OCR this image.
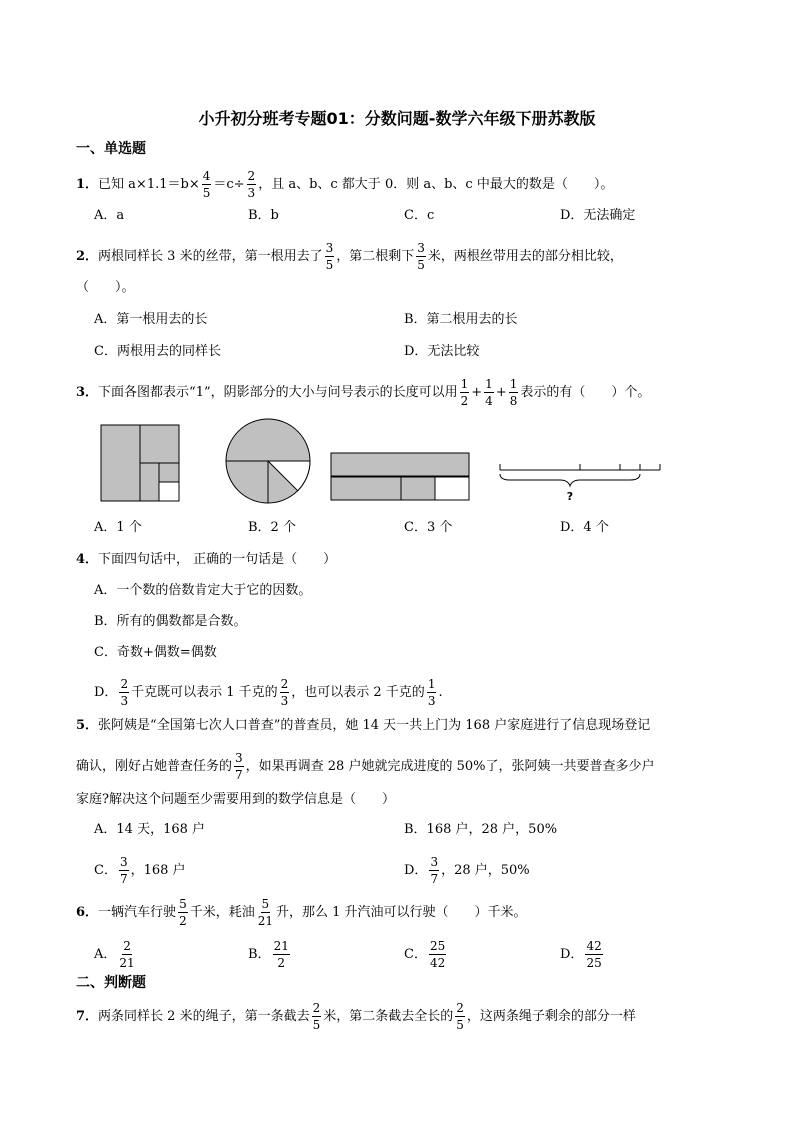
小升初分班考专题01：分数问题-数学六年级下册苏教版
一、单选题
1．已知 $a\times 1.1=b\times \frac{4}{5} =c\div \frac{2}{3}$ ，且 a、b、c 都大于 0．则 a、b、c 中最大的数是（　　）。
A．a	B．b	C．c	D．无法确定
2．两根同样长 3 米的丝带，第一根用去了 $\frac{3}{5}$ ，第二根剩下 $\frac{3}{5}$ 米，两根丝带用去的部分相比较，
（　　）。
A．第一根用去的长	B．第二根用去的长
C．两根用去的同样长	D．无法比较
3．下面各图都表示“1”，阴影部分的大小与问号表示的长度可以用 $\frac{1}{2} + \frac{1}{4} + \frac{1}{8}$ 表示的有（　　）个。
?
A．1 个	B．2 个	C．3 个	D．4 个
4．下面四句话中， 正确的一句话是（　　）
A．一个数的倍数肯定大于它的因数。
B．所有的偶数都是合数。
C．奇数+偶数=偶数
D． $\frac{2}{3}$ 千克既可以表示 1 千克的 $\frac{2}{3}$ ，也可以表示 2 千克的 $\frac{1}{3}$ .
5．张阿姨是“全国第七次人口普查”的普查员，她 14 天一共上门为 168 户家庭进行了信息现场登记
确认，刚好占她普查任务的 $\frac{3}{7}$ ，如果再调查 28 户她就完成进度的 50%了，张阿姨一共要普查多少户
家庭?解决这个问题至少需要用到的数学信息是（　　）
A．14 天，168 户	B．168 户，28 户，50%
C． $\frac{3}{7}$ ，168 户	D． $\frac{3}{7}$ ，28 户，50%
6．一辆汽车行驶 $\frac{5}{2}$ 千米，耗油 $\frac{5}{21}$ 升，那么 1 升汽油可以行驶（　　）千米。
A． $\frac{2}{21}$	B． $\frac{21}{2}$	C． $\frac{25}{42}$	D． $\frac{42}{25}$
二、判断题
7．两条同样长 2 米的绳子，第一条截去 $\frac{2}{5}$ 米，第二条截去全长的 $\frac{2}{5}$ ，这两条绳子剩余的部分一样
